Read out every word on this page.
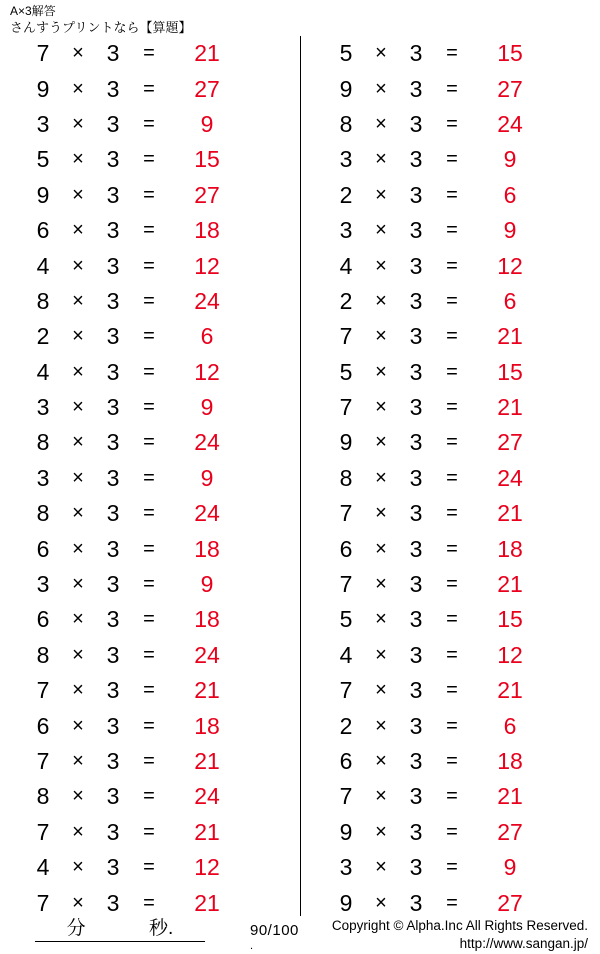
A×3解答
さんすうプリントなら【算題】
7	× 3	=	21
9	× 3	=	27
3	× 3	=	9
5	× 3	=	15
9	× 3	=	27
6	× 3	=	18
4	× 3	=	12
8	× 3	=	24
2	× 3	=	6
4	× 3	=	12
3	× 3	=	9
8	× 3	=	24
3	× 3	=	9
8	× 3	=	24
6	× 3	=	18
3	× 3	=	9
6	× 3	=	18
8	× 3	=	24
7	× 3	=	21
6	× 3	=	18
7	× 3	=	21
8	× 3	=	24
7	× 3	=	21
4	× 3	=	12
7	× 3	=	21
5	× 3	=	15
9	× 3	=	27
8	× 3	=	24
3	× 3	=	9
2	× 3	=	6
3	× 3	=	9
4	× 3	=	12
2	× 3	=	6
7	× 3	=	21
5	× 3	=	15
7	× 3	=	21
9	× 3	=	27
8	× 3	=	24
7	× 3	=	21
6	× 3	=	18
7	× 3	=	21
5	× 3	=	15
4	× 3	=	12
7	× 3	=	21
2	× 3	=	6
6	× 3	=	18
7	× 3	=	21
9	× 3	=	27
3	× 3	=	9
9	× 3	=	27
分	秒.	90/100
.
Copyright © Alpha.Inc All Rights Reserved.
http://www.sangan.jp/
